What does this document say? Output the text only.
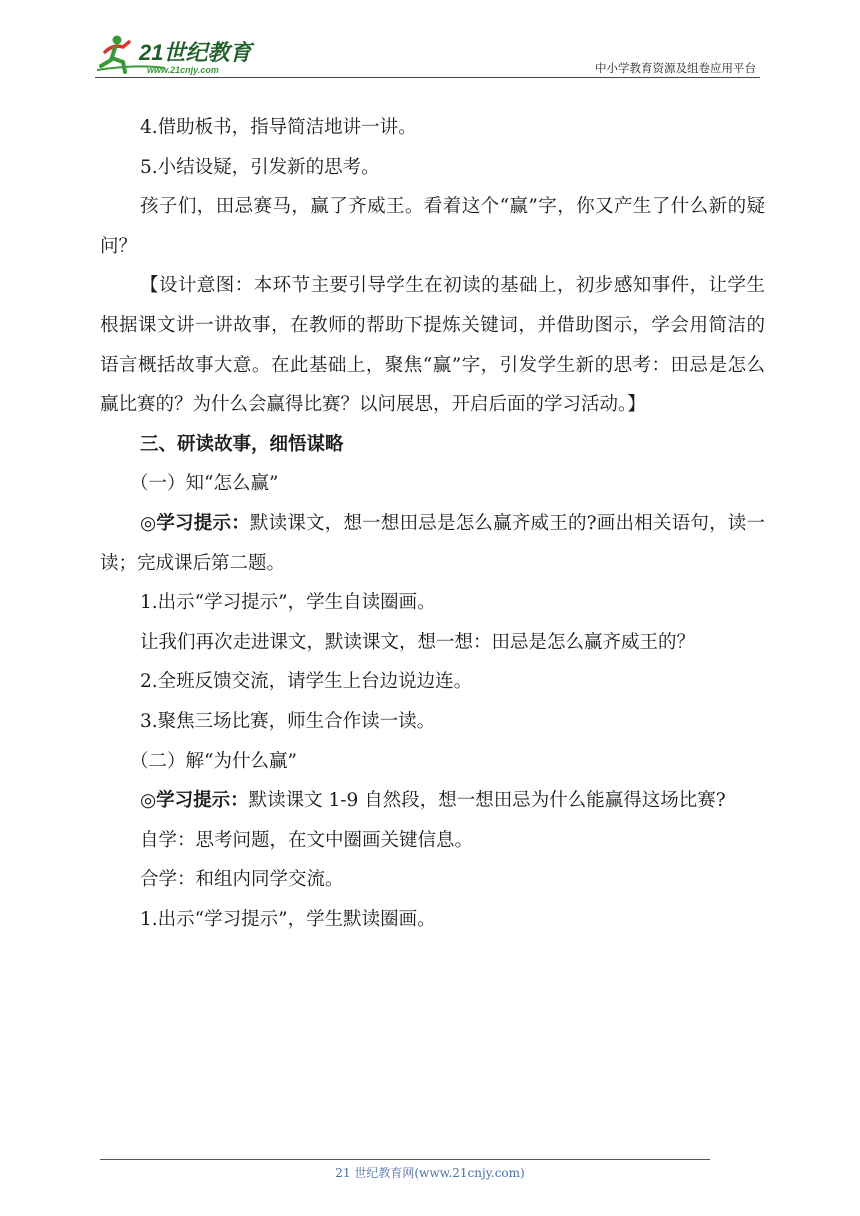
21世纪教育
www.21cnjy.com	中小学教育资源及组卷应用平台

4.借助板书，指导简洁地讲一讲。

5.小结设疑，引发新的思考。

孩子们，田忌赛马，赢了齐威王。看着这个“赢”字，你又产生了什么新的疑问？

【设计意图：本环节主要引导学生在初读的基础上，初步感知事件，让学生根据课文讲一讲故事，在教师的帮助下提炼关键词，并借助图示，学会用简洁的语言概括故事大意。在此基础上，聚焦“赢”字，引发学生新的思考：田忌是怎么赢比赛的？为什么会赢得比赛？以问展思，开启后面的学习活动。】

三、研读故事，细悟谋略

（一）知“怎么赢”

◎学习提示：默读课文，想一想田忌是怎么赢齐威王的?画出相关语句，读一读；完成课后第二题。

1.出示“学习提示”，学生自读圈画。

让我们再次走进课文，默读课文，想一想：田忌是怎么赢齐威王的？

2.全班反馈交流，请学生上台边说边连。

3.聚焦三场比赛，师生合作读一读。

（二）解“为什么赢”

◎学习提示：默读课文 1-9 自然段，想一想田忌为什么能赢得这场比赛?

自学：思考问题，在文中圈画关键信息。

合学：和组内同学交流。

1.出示“学习提示”，学生默读圈画。

21 世纪教育网(www.21cnjy.com)
